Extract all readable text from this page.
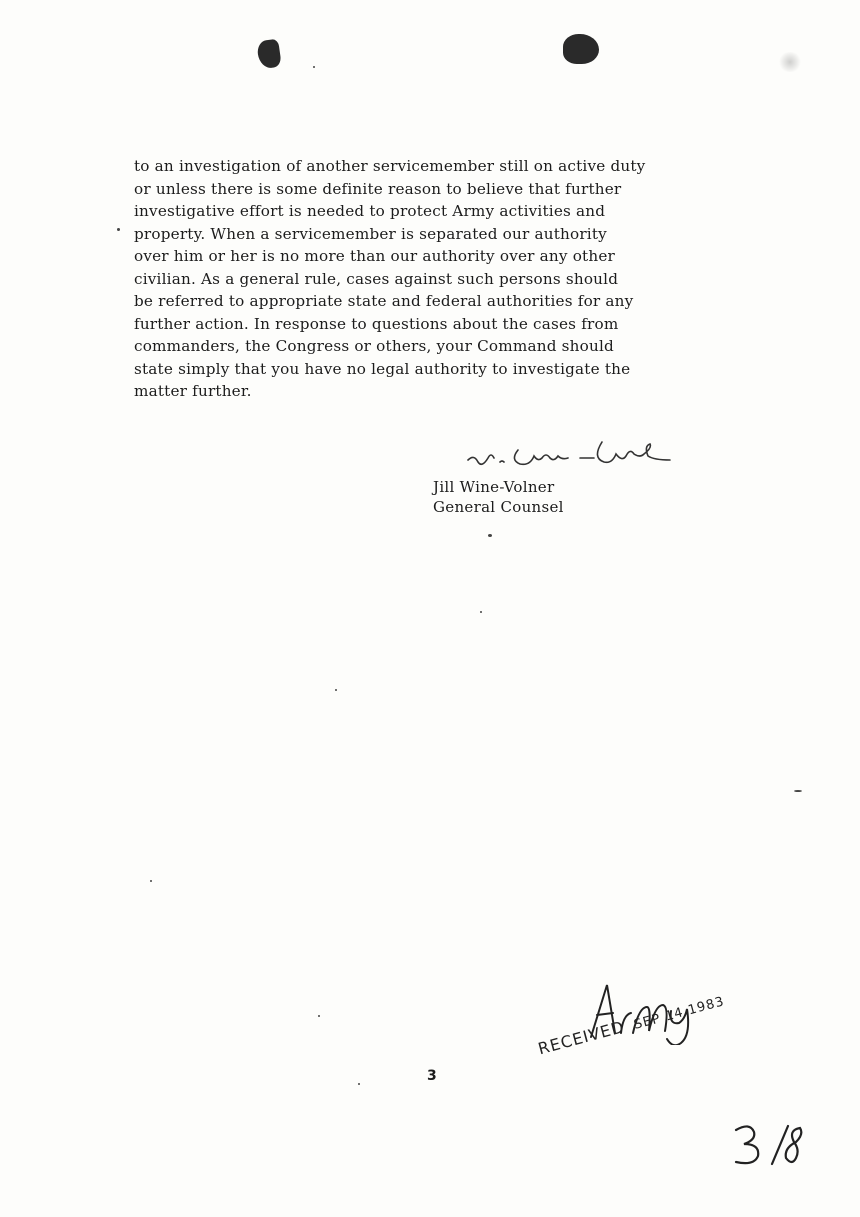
to an investigation of another servicemember still on active duty
or unless there is some definite reason to believe that further
investigative effort is needed to protect Army activities and
property. When a servicemember is separated our authority
over him or her is no more than our authority over any other
civilian. As a general rule, cases against such persons should
be referred to appropriate state and federal authorities for any
further action. In response to questions about the cases from
commanders, the Congress or others, your Command should
state simply that you have no legal authority to investigate the
matter further.
Jill Wine-Volner
General Counsel
3
RECEIVEDSEP 14 1983
